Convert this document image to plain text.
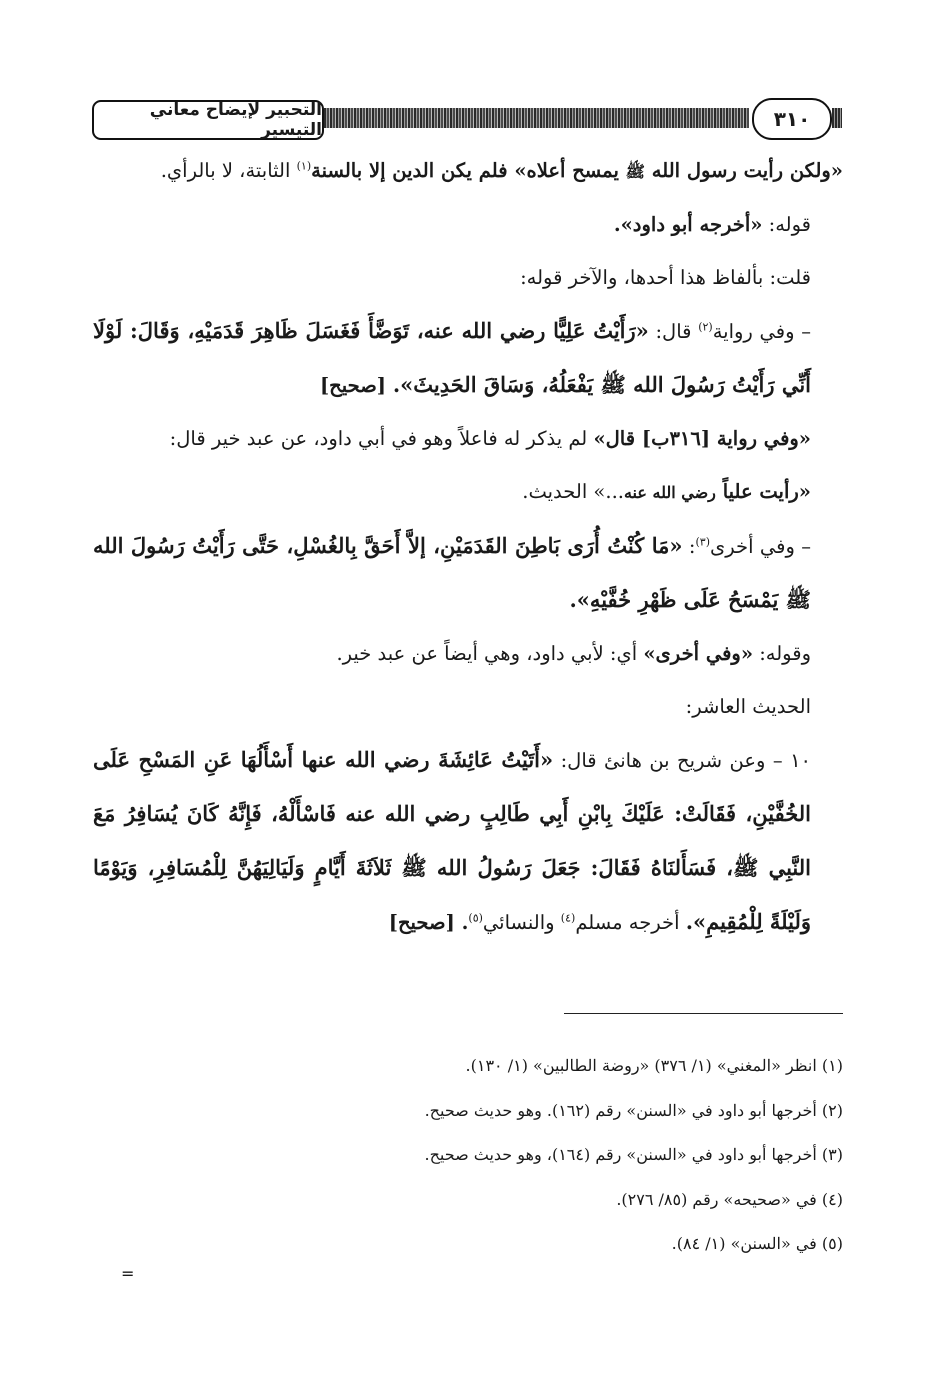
التحبير لإيضاح معاني التيسير	٣١٠

«ولكن رأيت رسول الله ﷺ يمسح أعلاه» فلم يكن الدين إلا بالسنة$^{(١)}$ الثابتة، لا بالرأي.

قوله: «أخرجه أبو داود».

قلت: بألفاظ هذا أحدها، والآخر قوله:

– وفي رواية$^{(٢)}$ قال: «رَأَيْتُ عَلِيًّا رضي الله عنه، تَوَضَّأَ فَغَسَلَ ظَاهِرَ قَدَمَيْهِ، وَقَالَ: لَوْلَا أَنِّي رَأَيْتُ رَسُولَ الله ﷺ يَفْعَلُهُ، وَسَاقَ الحَدِيثَ». [صحيح]

«وفي رواية [٣١٦ب] قال» لم يذكر له فاعلاً وهو في أبي داود، عن عبد خير قال:

«رأيت علياً رضي الله عنه...» الحديث.

– وفي أخرى$^{(٣)}$: «مَا كُنْتُ أُرَى بَاطِنَ القَدَمَيْنِ، إلاَّ أَحَقَّ بِالغُسْلِ، حَتَّى رَأَيْتُ رَسُولَ الله ﷺ يَمْسَحُ عَلَى ظَهْرِ خُفَّيْهِ».

وقوله: «وفي أخرى» أي: لأبي داود، وهي أيضاً عن عبد خير.

الحديث العاشر:

١٠ – وعن شريح بن هانئ قال: «أَتَيْتُ عَائِشَةَ رضي الله عنها أَسْأَلُهَا عَنِ المَسْحِ عَلَى الخُفَّيْنِ، فَقَالَتْ: عَلَيْكَ بِابْنِ أَبِي طَالِبٍ رضي الله عنه فَاسْأَلْهُ، فَإِنَّهُ كَانَ يُسَافِرُ مَعَ النَّبِي ﷺ، فَسَأَلنَاهُ فَقَالَ: جَعَلَ رَسُولُ الله ﷺ ثَلاَثَةَ أَيَّامٍ وَلَيَالِيَهُنَّ لِلْمُسَافِرِ، وَيَوْمًا وَلَيْلَةً لِلْمُقِيمِ». أخرجه مسلم$^{(٤)}$ والنسائي$^{(٥)}$. [صحيح]

(١) انظر «المغني» (١/ ٣٧٦) «روضة الطالبين» (١/ ١٣٠).
(٢) أخرجها أبو داود في «السنن» رقم (١٦٢). وهو حديث صحيح.
(٣) أخرجها أبو داود في «السنن» رقم (١٦٤)، وهو حديث صحيح.
(٤) في «صحيحه» رقم (٨٥/ ٢٧٦).
(٥) في «السنن» (١/ ٨٤).
=
